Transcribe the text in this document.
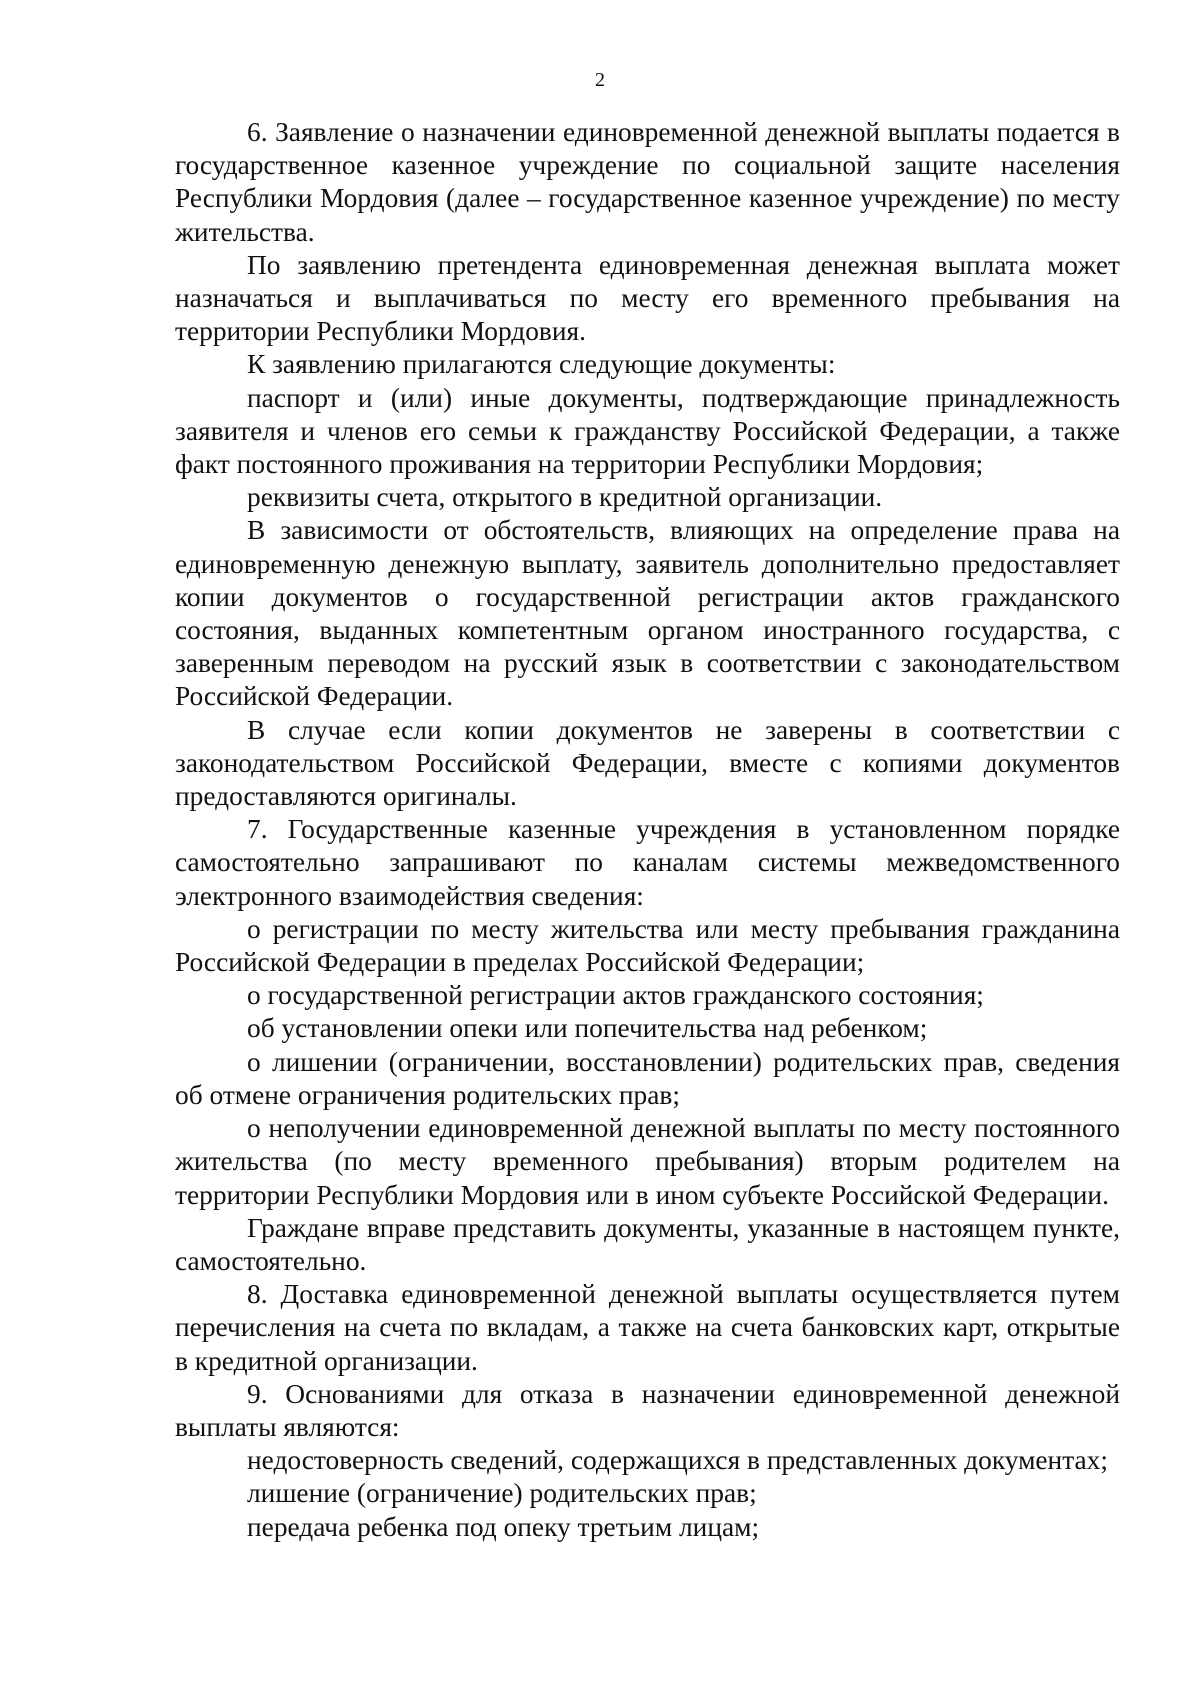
2

6. Заявление о назначении единовременной денежной выплаты подается в государственное казенное учреждение по социальной защите населения Республики Мордовия (далее – государственное казенное учреждение) по месту жительства.

По заявлению претендента единовременная денежная выплата может назначаться и выплачиваться по месту его временного пребывания на территории Республики Мордовия.

К заявлению прилагаются следующие документы:

паспорт и (или) иные документы, подтверждающие принадлежность заявителя и членов его семьи к гражданству Российской Федерации, а также факт постоянного проживания на территории Республики Мордовия;

реквизиты счета, открытого в кредитной организации.

В зависимости от обстоятельств, влияющих на определение права на единовременную денежную выплату, заявитель дополнительно предоставляет копии документов о государственной регистрации актов гражданского состояния, выданных компетентным органом иностранного государства, с заверенным переводом на русский язык в соответствии с законодательством Российской Федерации.

В случае если копии документов не заверены в соответствии с законодательством Российской Федерации, вместе с копиями документов предоставляются оригиналы.

7. Государственные казенные учреждения в установленном порядке самостоятельно запрашивают по каналам системы межведомственного электронного взаимодействия сведения:

о регистрации по месту жительства или месту пребывания гражданина Российской Федерации в пределах Российской Федерации;

о государственной регистрации актов гражданского состояния;

об установлении опеки или попечительства над ребенком;

о лишении (ограничении, восстановлении) родительских прав, сведения об отмене ограничения родительских прав;

о неполучении единовременной денежной выплаты по месту постоянного жительства (по месту временного пребывания) вторым родителем на территории Республики Мордовия или в ином субъекте Российской Федерации.

Граждане вправе представить документы, указанные в настоящем пункте, самостоятельно.

8. Доставка единовременной денежной выплаты осуществляется путем перечисления на счета по вкладам, а также на счета банковских карт, открытые в кредитной организации.

9. Основаниями для отказа в назначении единовременной денежной выплаты являются:

недостоверность сведений, содержащихся в представленных документах;

лишение (ограничение) родительских прав;

передача ребенка под опеку третьим лицам;
